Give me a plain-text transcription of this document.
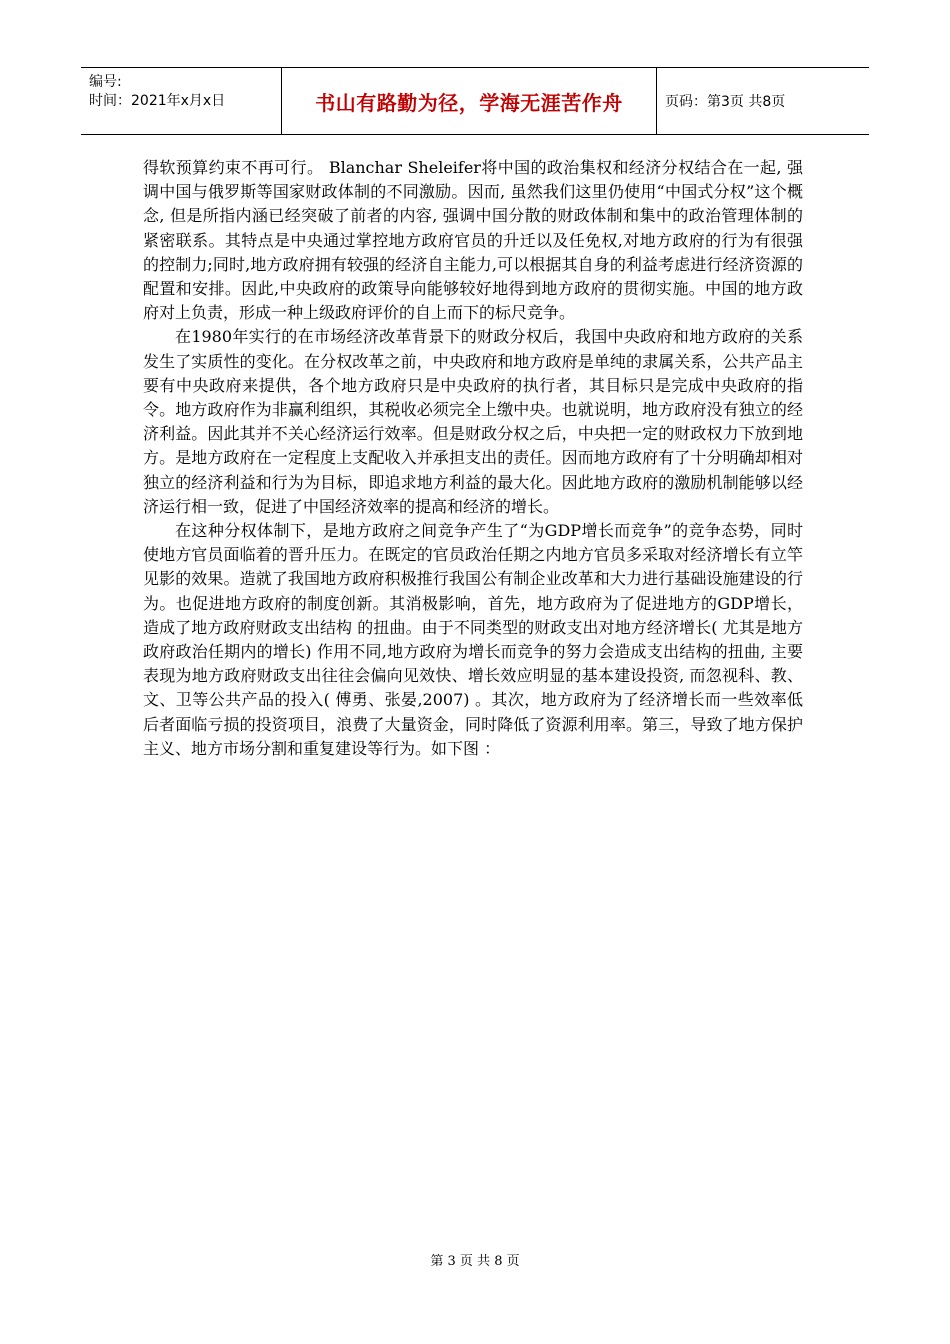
编号:
时间：2021年x月x日	书山有路勤为径，学海无涯苦作舟	页码：第3页 共8页

得软预算约束不再可行。 Blanchar Sheleifer将中国的政治集权和经济分权结合在一起, 强调中国与俄罗斯等国家财政体制的不同激励。因而, 虽然我们这里仍使用“中国式分权”这个概念, 但是所指内涵已经突破了前者的内容, 强调中国分散的财政体制和集中的政治管理体制的紧密联系。其特点是中央通过掌控地方政府官员的升迁以及任免权,对地方政府的行为有很强的控制力;同时,地方政府拥有较强的经济自主能力,可以根据其自身的利益考虑进行经济资源的配置和安排。因此,中央政府的政策导向能够较好地得到地方政府的贯彻实施。中国的地方政府对上负责，形成一种上级政府评价的自上而下的标尺竞争。

在1980年实行的在市场经济改革背景下的财政分权后，我国中央政府和地方政府的关系发生了实质性的变化。在分权改革之前，中央政府和地方政府是单纯的隶属关系，公共产品主要有中央政府来提供，各个地方政府只是中央政府的执行者，其目标只是完成中央政府的指令。地方政府作为非赢利组织，其税收必须完全上缴中央。也就说明，地方政府没有独立的经济利益。因此其并不关心经济运行效率。但是财政分权之后，中央把一定的财政权力下放到地方。是地方政府在一定程度上支配收入并承担支出的责任。因而地方政府有了十分明确却相对独立的经济利益和行为为目标，即追求地方利益的最大化。因此地方政府的激励机制能够以经济运行相一致，促进了中国经济效率的提高和经济的增长。

在这种分权体制下，是地方政府之间竞争产生了“为GDP增长而竞争”的竞争态势，同时使地方官员面临着的晋升压力。在既定的官员政治任期之内地方官员多采取对经济增长有立竿见影的效果。造就了我国地方政府积极推行我国公有制企业改革和大力进行基础设施建设的行为。也促进地方政府的制度创新。其消极影响，首先，地方政府为了促进地方的GDP增长，造成了地方政府财政支出结构 的扭曲。由于不同类型的财政支出对地方经济增长( 尤其是地方政府政治任期内的增长) 作用不同,地方政府为增长而竞争的努力会造成支出结构的扭曲, 主要表现为地方政府财政支出往往会偏向见效快、增长效应明显的基本建设投资, 而忽视科、教、文、卫等公共产品的投入( 傅勇、张晏,2007) 。其次，地方政府为了经济增长而一些效率低后者面临亏损的投资项目，浪费了大量资金，同时降低了资源利用率。第三，导致了地方保护主义、地方市场分割和重复建设等行为。如下图 ：

第 3 页 共 8 页
